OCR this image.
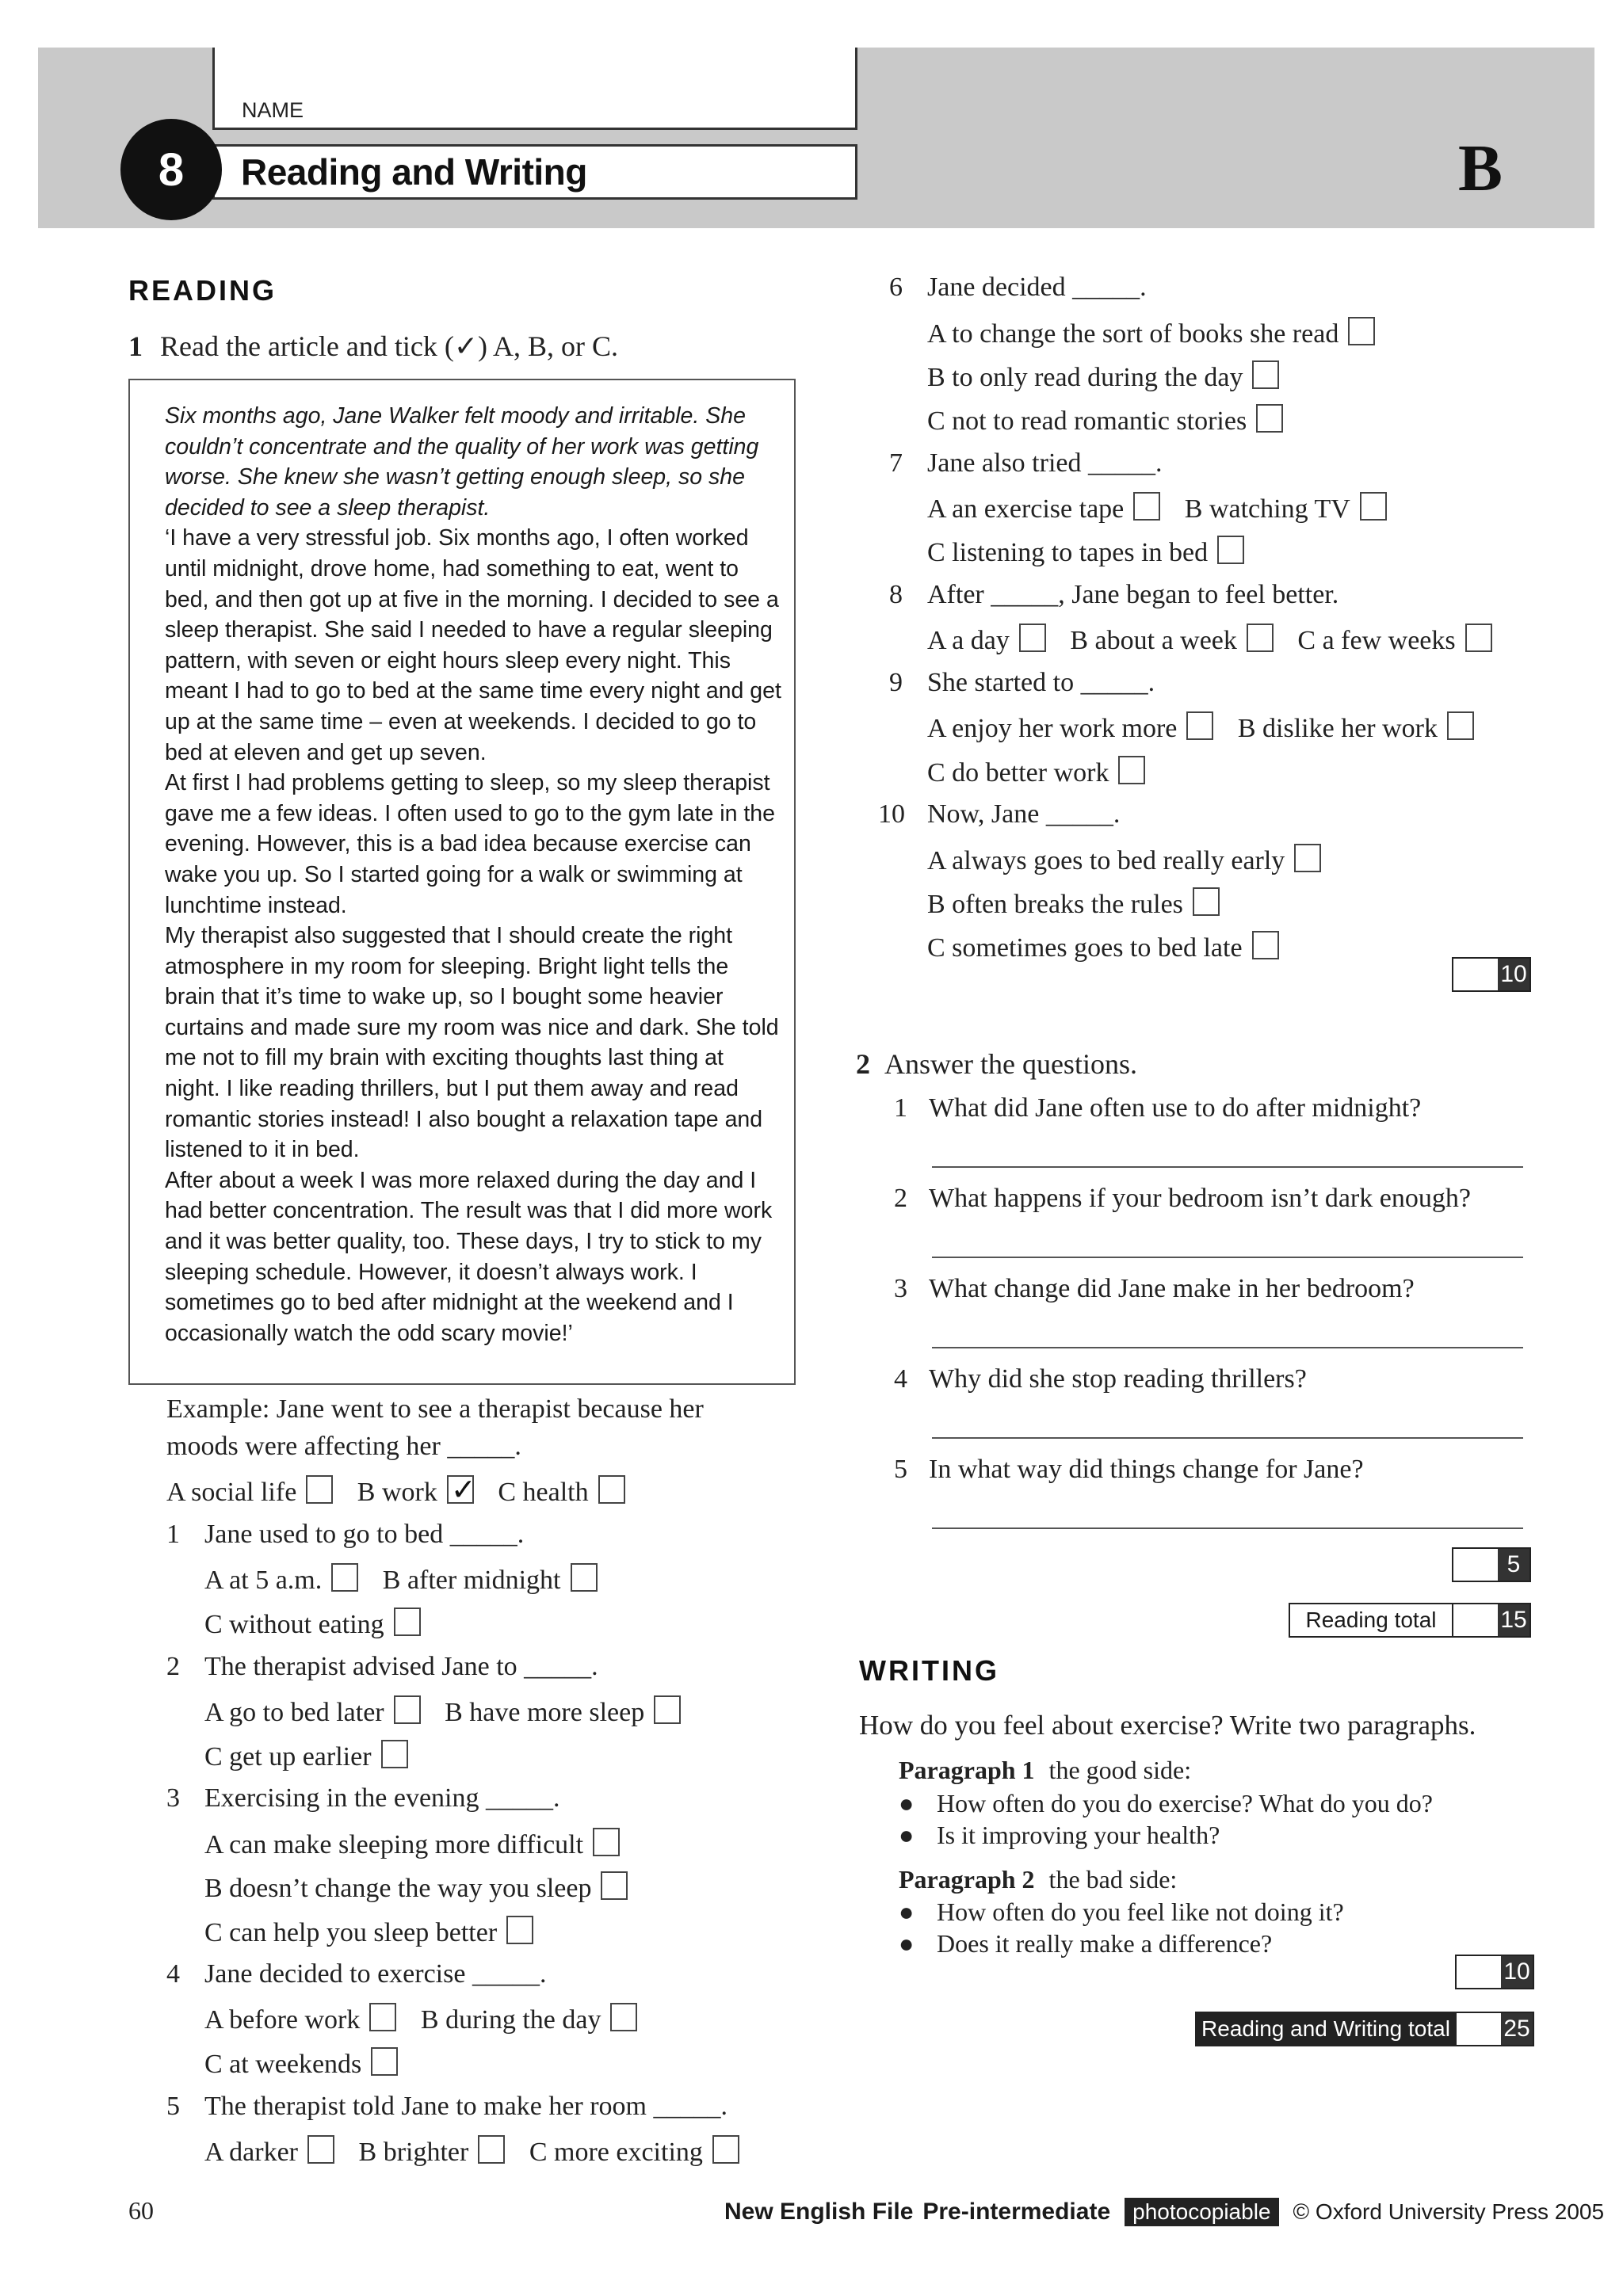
NAME
Reading and Writing
8	B
READING
1 Read the article and tick (✓) A, B, or C.

Six months ago, Jane Walker felt moody and irritable. She couldn’t concentrate and the quality of her work was getting worse. She knew she wasn’t getting enough sleep, so she decided to see a sleep therapist.

‘I have a very stressful job. Six months ago, I often worked until midnight, drove home, had something to eat, went to bed, and then got up at five in the morning. I decided to see a sleep therapist. She said I needed to have a regular sleeping pattern, with seven or eight hours sleep every night. This meant I had to go to bed at the same time every night and get up at the same time – even at weekends. I decided to go to bed at eleven and get up seven.

At first I had problems getting to sleep, so my sleep therapist gave me a few ideas. I often used to go to the gym late in the evening. However, this is a bad idea because exercise can wake you up. So I started going for a walk or swimming at lunchtime instead.

My therapist also suggested that I should create the right atmosphere in my room for sleeping. Bright light tells the brain that it’s time to wake up, so I bought some heavier curtains and made sure my room was nice and dark. She told me not to fill my brain with exciting thoughts last thing at night. I like reading thrillers, but I put them away and read romantic stories instead! I also bought a relaxation tape and listened to it in bed.

After about a week I was more relaxed during the day and I had better concentration. The result was that I did more work and it was better quality, too. These days, I try to stick to my sleeping schedule. However, it doesn’t always work. I sometimes go to bed after midnight at the weekend and I occasionally watch the odd scary movie!’

Example: Jane went to see a therapist because her
moods were affecting her _____.
A social life B work✓ C health
1 Jane used to go to bed _____.
A at 5 a.m. B after midnight
C without eating
2 The therapist advised Jane to _____.
A go to bed later B have more sleep
C get up earlier
3 Exercising in the evening _____.
A can make sleeping more difficult
B doesn’t change the way you sleep
C can help you sleep better
4 Jane decided to exercise _____.
A before work B during the day
C at weekends
5 The therapist told Jane to make her room _____.
A darker B brighter C more exciting
6 Jane decided _____.
A to change the sort of books she read
B to only read during the day
C not to read romantic stories
7 Jane also tried _____.
A an exercise tape B watching TV
C listening to tapes in bed
8 After _____, Jane began to feel better.
A a day B about a week C a few weeks
9 She started to _____.
A enjoy her work more B dislike her work
C do better work
10 Now, Jane _____.
A always goes to bed really early
B often breaks the rules
C sometimes goes to bed late
10
2 Answer the questions.
1 What did Jane often use to do after midnight?
2 What happens if your bedroom isn’t dark enough?
3 What change did Jane make in her bedroom?
4 Why did she stop reading thrillers?
5 In what way did things change for Jane?
5
Reading total	15
WRITING
How do you feel about exercise? Write two paragraphs.
Paragraph 1 the good side:
● How often do you do exercise? What do you do?
● Is it improving your health?
Paragraph 2 the bad side:
● How often do you feel like not doing it?
● Does it really make a difference?
10
Reading and Writing total 25
60	New English File Pre-intermediate	photocopiable	© Oxford University Press 2005
